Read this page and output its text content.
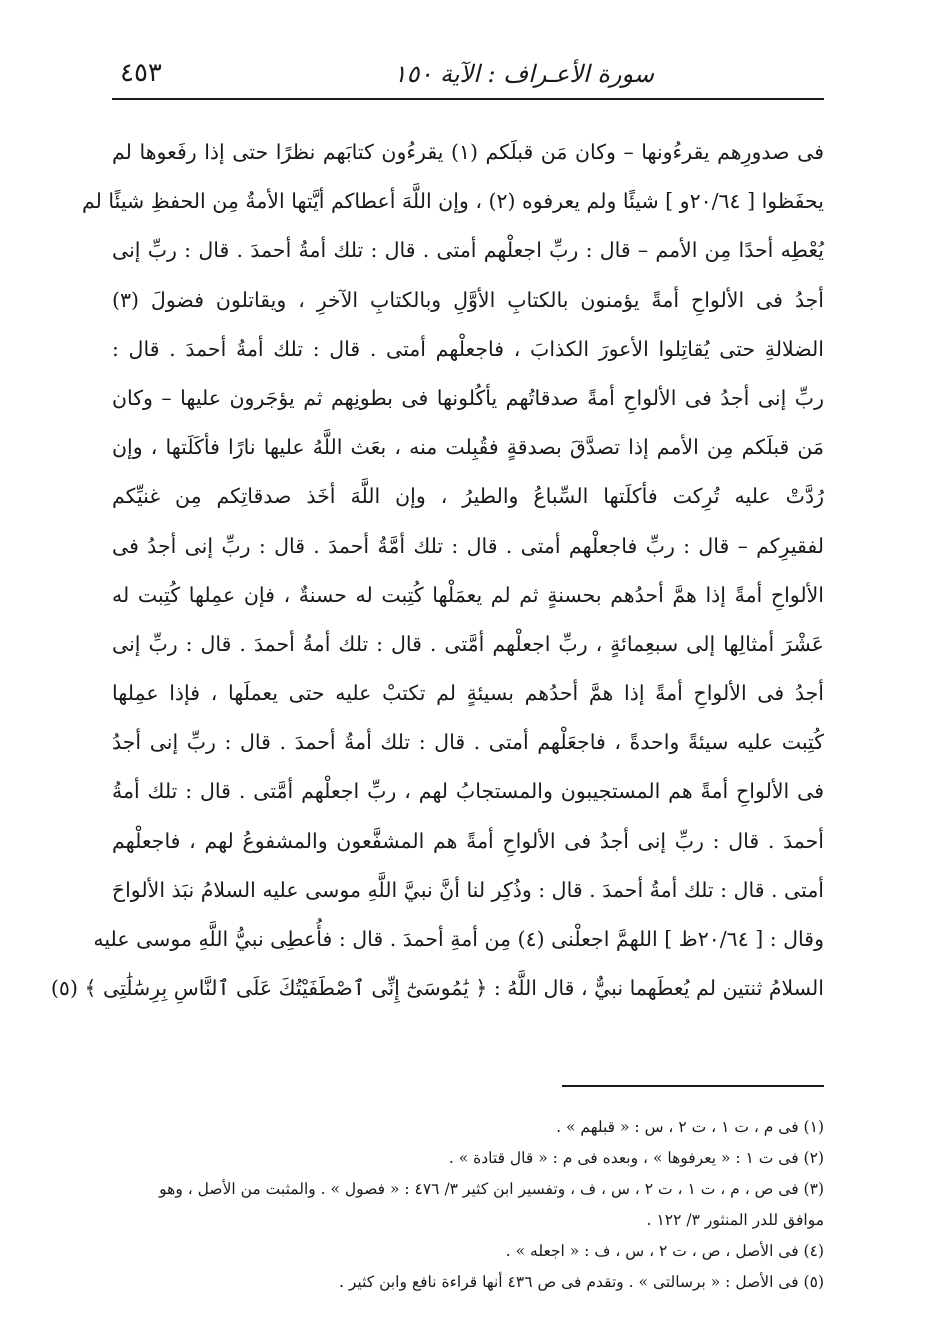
سورة الأعـراف : الآية ١٥٠
٤٥٣
فى صدورِهم يقرءُونها – وكان مَن قبلَكم (١) يقرءُون كتابَهم نظرًا حتى إذا رفَعوها لم
يحفَظوا [ ٢٠/٦٤و ] شيئًا ولم يعرفوه (٢) ، وإن اللَّهَ أعطاكم أيَّتها الأمةُ مِن الحفظِ شيئًا لم
يُعْطِه أحدًا مِن الأمم – قال : ربِّ اجعلْهم أمتى . قال : تلك أمةُ أحمدَ . قال : ربِّ إنى
أجدُ فى الألواحِ أمةً يؤمنون بالكتابِ الأوَّلِ وبالكتابِ الآخرِ ، ويقاتلون فضولَ (٣)
الضلالةِ حتى يُقاتِلوا الأعورَ الكذابَ ، فاجعلْهم أمتى . قال : تلك أمةُ أحمدَ . قال :
ربِّ إنى أجدُ فى الألواحِ أمةً صدقاتُهم يأكُلونها فى بطونِهم ثم يؤجَرون عليها – وكان
مَن قبلَكم مِن الأمم إذا تصدَّقَ بصدقةٍ فقُبِلت منه ، بعَث اللَّهُ عليها نارًا فأكَلَتها ، وإن
رُدَّتْ عليه تُرِكت فأكلَتها السِّباعُ والطيرُ ، وإن اللَّهَ أخَذ صدقاتِكم مِن غنيِّكم
لفقيرِكم – قال : ربِّ فاجعلْهم أمتى . قال : تلك أمَّةُ أحمدَ . قال : ربِّ إنى أجدُ فى
الألواحِ أمةً إذا همَّ أحدُهم بحسنةٍ ثم لم يعمَلْها كُتِبت له حسنةٌ ، فإن عمِلها كُتِبت له
عَشْرَ أمثالِها إلى سبعِمائةٍ ، ربِّ اجعلْهم أمَّتى . قال : تلك أمةُ أحمدَ . قال : ربِّ إنى
أجدُ فى الألواحِ أمةً إذا همَّ أحدُهم بسيئةٍ لم تكتبْ عليه حتى يعملَها ، فإذا عمِلها
كُتِبت عليه سيئةً واحدةً ، فاجعَلْهم أمتى . قال : تلك أمةُ أحمدَ . قال : ربِّ إنى أجدُ
فى الألواحِ أمةً هم المستجيبون والمستجابُ لهم ، ربِّ اجعلْهم أمَّتى . قال : تلك أمةُ
أحمدَ . قال : ربِّ إنى أجدُ فى الألواحِ أمةً هم المشفَّعون والمشفوعُ لهم ، فاجعلْهم
أمتى . قال : تلك أمةُ أحمدَ . قال : وذُكِر لنا أنَّ نبيَّ اللَّهِ موسى عليه السلامُ نبَذ الألواحَ
وقال : [ ٢٠/٦٤ظ ] اللهمَّ اجعلْنى (٤) مِن أمةِ أحمدَ . قال : فأُعطِى نبيُّ اللَّهِ موسى عليه
السلامُ ثنتين لم يُعطَهما نبيٌّ ، قال اللَّهُ : ﴿ يَٰمُوسَىٰٓ إِنِّى ٱصْطَفَيْتُكَ عَلَى ٱلنَّاسِ بِرِسَٰلَٰتِى ﴾ (٥)
(١) فى م ، ت ١ ، ت ٢ ، س : « قبلهم » .
(٢) فى ت ١ : « يعرفوها » ، وبعده فى م : « قال قتادة » .
(٣) فى ص ، م ، ت ١ ، ت ٢ ، س ، ف ، وتفسير ابن كثير ٣/ ٤٧٦ : « فصول » . والمثبت من الأصل ، وهو
موافق للدر المنثور ٣/ ١٢٢ .
(٤) فى الأصل ، ص ، ت ٢ ، س ، ف : « اجعله » .
(٥) فى الأصل : « برسالتى » . وتقدم فى ص ٤٣٦ أنها قراءة نافع وابن كثير .
